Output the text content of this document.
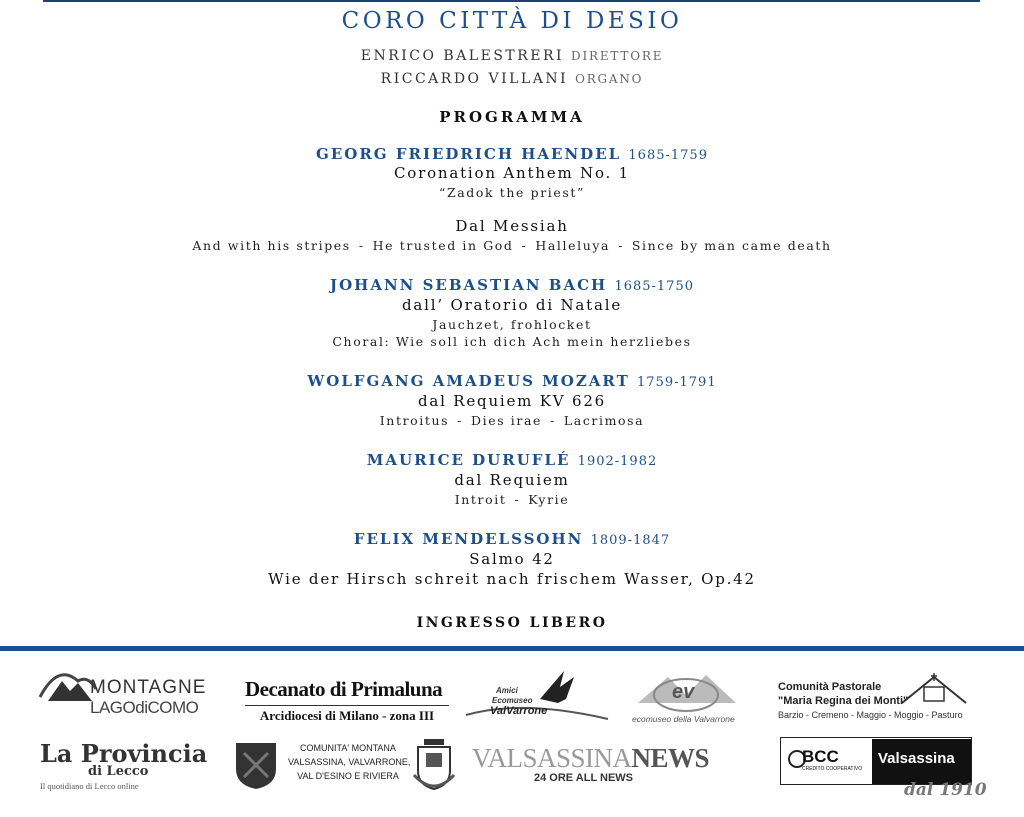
CORO CITTÀ DI DESIO
ENRICO BALESTRERI DIRETTORE
RICCARDO VILLANI ORGANO
PROGRAMMA
GEORG FRIEDRICH HAENDEL 1685-1759
Coronation Anthem No. 1
“Zadok the priest”
Dal Messiah
And with his stripes - He trusted in God - Halleluya - Since by man came death
JOHANN SEBASTIAN BACH 1685-1750
dall’ Oratorio di Natale
Jauchzet, frohlocket
Choral: Wie soll ich dich Ach mein herzliebes
WOLFGANG AMADEUS MOZART 1759-1791
dal Requiem KV 626
Introitus - Dies irae - Lacrimosa
MAURICE DURUFLÉ 1902-1982
dal Requiem
Introit - Kyrie
FELIX MENDELSSOHN 1809-1847
Salmo 42
Wie der Hirsch schreit nach frischem Wasser, Op.42
INGRESSO LIBERO
MONTAGNE
LAGOdiCOMO
Decanato di Primaluna
Arcidiocesi di Milano - zona III
Amici
Ecomuseo
ValVarrone
ev
ecomuseo della Valvarrone
Comunità Pastorale
"Maria Regina dei Monti"
Barzio - Cremeno - Maggio - Moggio - Pasturo
La Provincia
di Lecco
Il quotidiano di Lecco online
COMUNITA' MONTANA
VALSASSINA, VALVARRONE,
VAL D'ESINO E RIVIERA
VALSASSINANEWS
24 ORE ALL NEWS
BCC
CREDITO COOPERATIVO
Valsassina
dal 1910
